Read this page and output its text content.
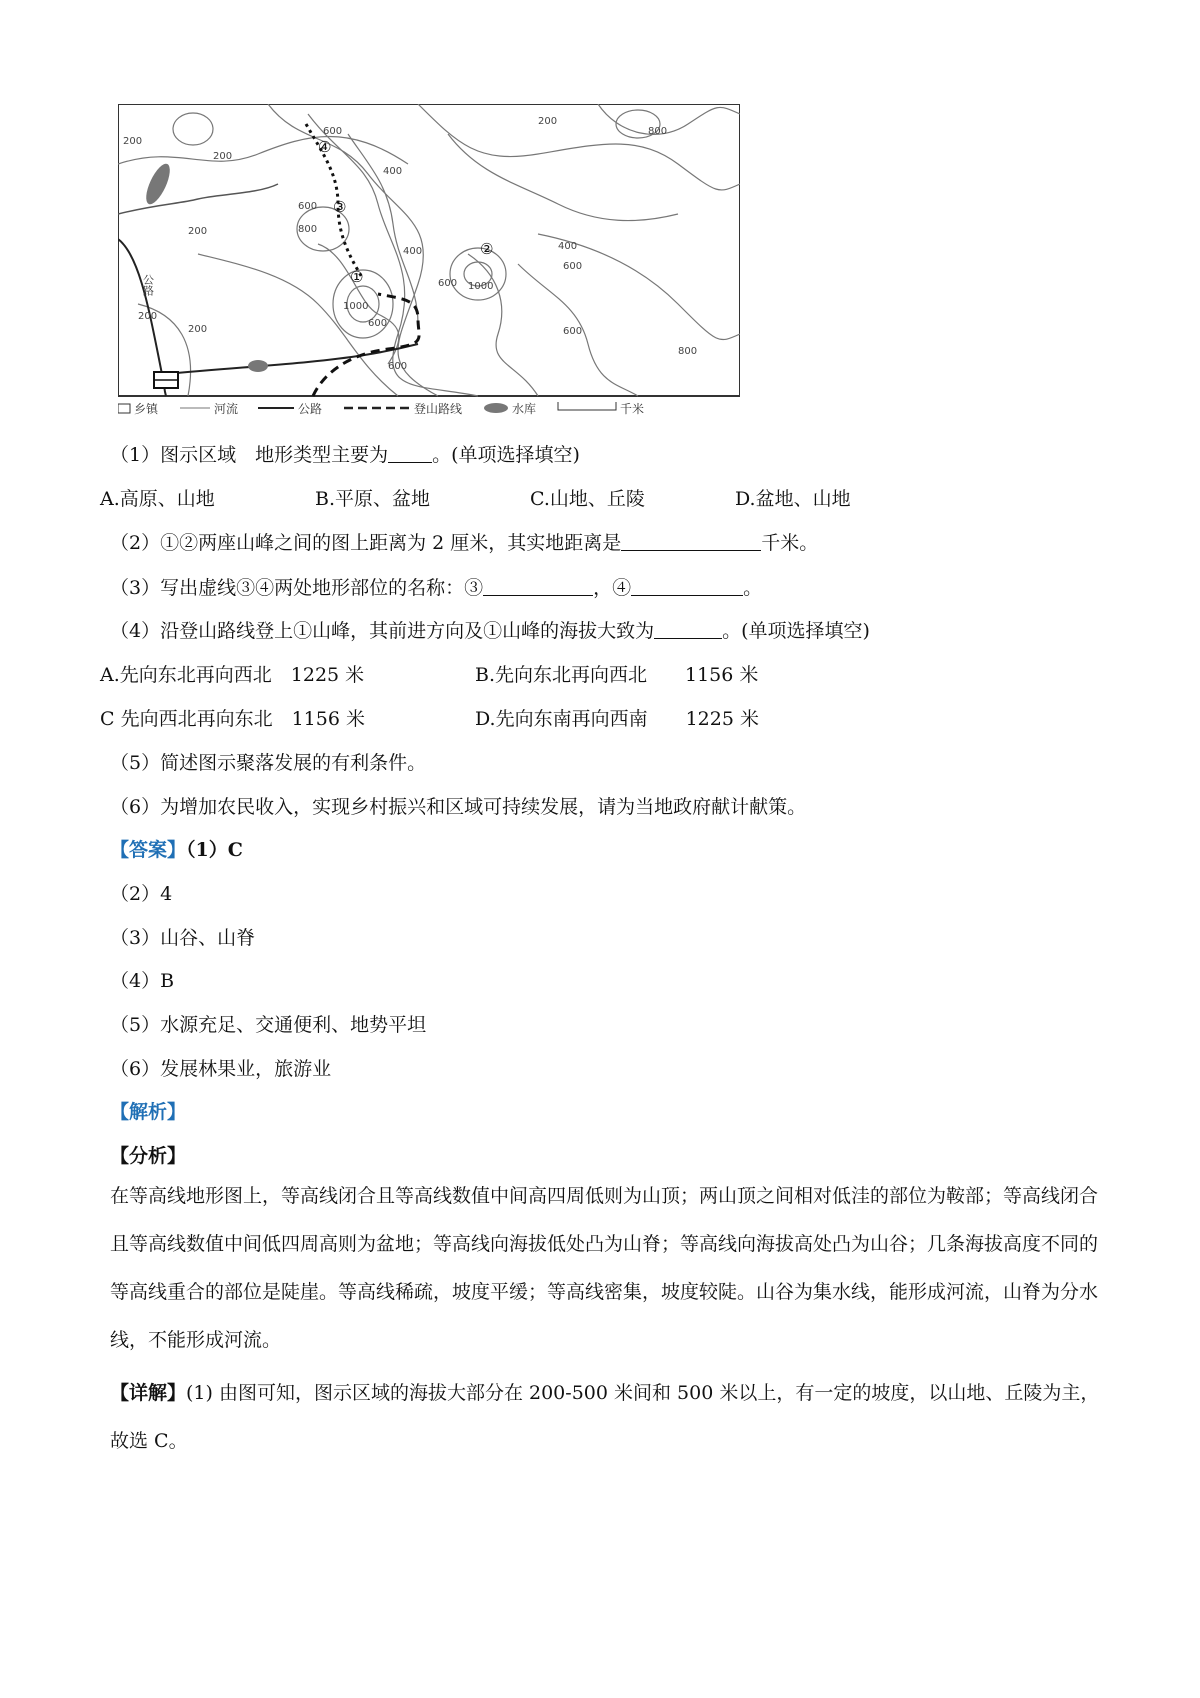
200
200
200
200
400
600
600
800
1000
1000
600
400
600
600
600
400
200
200
600
800
800
①
②
③
④
公路
乡镇	河流	公路	登山路线	水库	千米
（1）图示区域　地形类型主要为 。(单项选择填空)
A.高原、山地	B.平原、盆地	C.山地、丘陵	D.盆地、山地
（2）①②两座山峰之间的图上距离为 2 厘米，其实地距离是	千米。
（3）写出虚线③④两处地形部位的名称：③	，④	。
（4）沿登山路线登上①山峰，其前进方向及①山峰的海拔大致为	。(单项选择填空)
A.先向东北再向西北　1225 米	B.先向东北再向西北　　1156 米
C 先向西北再向东北　1156 米	D.先向东南再向西南　　1225 米
（5）简述图示聚落发展的有利条件。
（6）为增加农民收入，实现乡村振兴和区域可持续发展，请为当地政府献计献策。
【答案】（1）C
（2）4
（3）山谷、山脊
（4）B
（5）水源充足、交通便利、地势平坦
（6）发展林果业，旅游业
【解析】
【分析】
在等高线地形图上，等高线闭合且等高线数值中间高四周低则为山顶；两山顶之间相对低洼的部位为鞍部；等高线闭合且等高线数值中间低四周高则为盆地；等高线向海拔低处凸为山脊；等高线向海拔高处凸为山谷；几条海拔高度不同的等高线重合的部位是陡崖。等高线稀疏，坡度平缓；等高线密集，坡度较陡。山谷为集水线，能形成河流，山脊为分水线，不能形成河流。
【详解】(1) 由图可知，图示区域的海拔大部分在 200-500 米间和 500 米以上，有一定的坡度，以山地、丘陵为主，故选 C。
